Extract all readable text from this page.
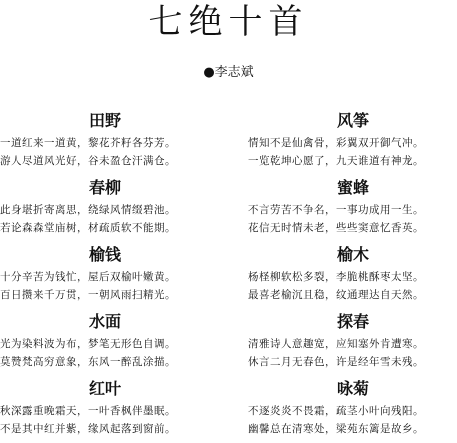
七绝十首
●李志斌
田野
一道红来一道黄，黎花芥籽各芬芳。
游人尽道风光好，谷未盈仓汗满仓。
春柳
此身堪折寄离思，绕绿风情缀碧池。
若论森森堂庙树，材疏质软不能期。
榆钱
十分辛苦为钱忙，屋后双榆叶嫩黄。
百日攒来千万贯，一朝风雨扫精光。
水面
光为染料波为布，梦笔无形色自调。
莫赞梵高穷意象，东风一醉乱涂描。
红叶
秋深露重晚霜天，一叶香枫伴墨眠。
不是其中红并紫，缘风起落到窗前。
风筝
情知不是仙禽骨，彩翼双开御气冲。
一览乾坤心愿了，九天谁道有神龙。
蜜蜂
不言劳苦不争名，一事功成用一生。
花信无时情未老，些些窦意忆香英。
榆木
杨柽柳软松多裂，李脆桃酥枣太坚。
最喜老榆沉且稳，纹通理达自天然。
探春
清雅诗人意趣宽，应知塞外肯遭寒。
休言二月无春色，许是经年雪未残。
咏菊
不逐炎炎不畏霜，疏茎小叶向残阳。
幽馨总在清寒处，梁苑东篱是故乡。
